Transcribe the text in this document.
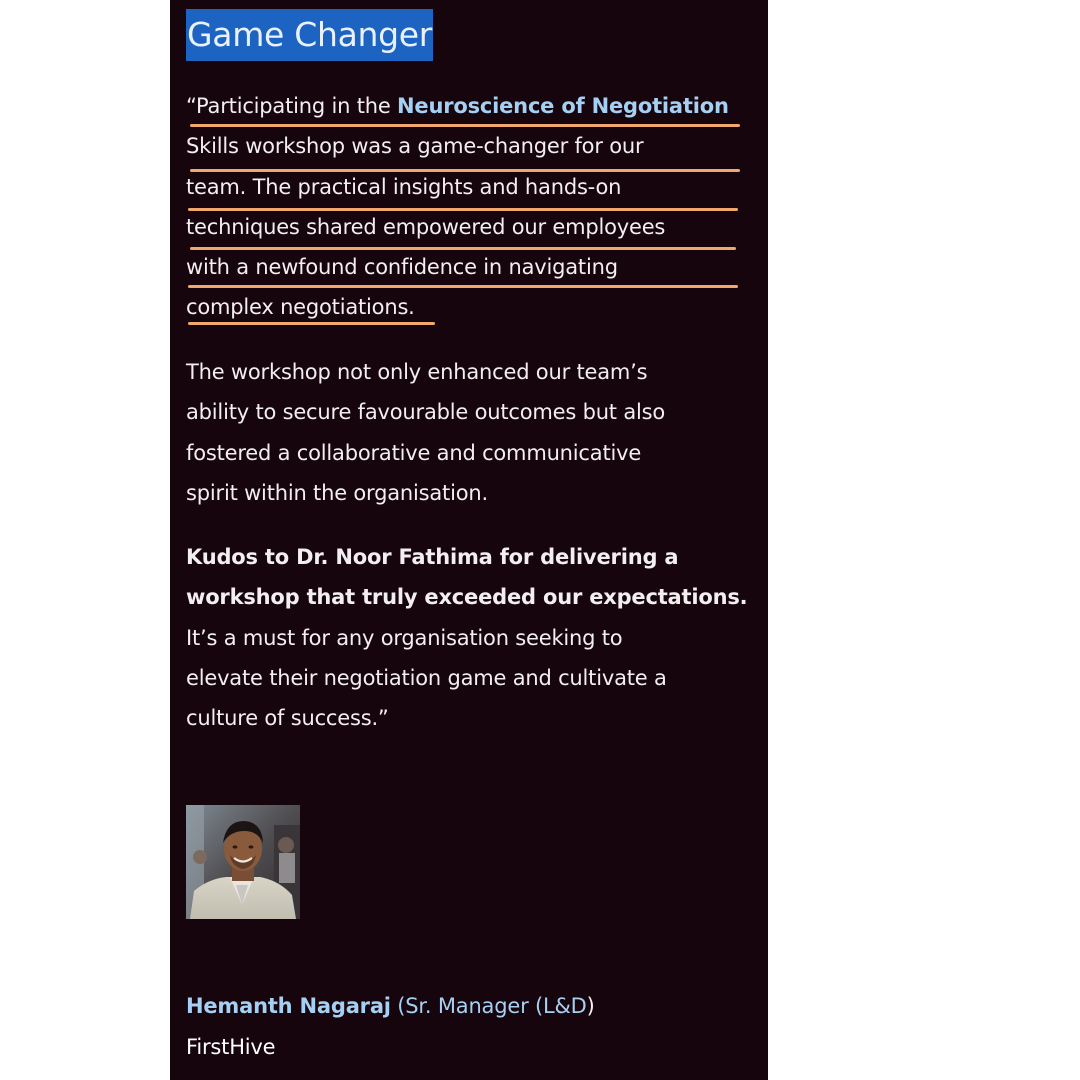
Game Changer
“Participating in the Neuroscience of Negotiation
Skills workshop was a game-changer for our
team. The practical insights and hands-on
techniques shared empowered our employees
with a newfound confidence in navigating
complex negotiations.
The workshop not only enhanced our team’s
ability to secure favourable outcomes but also
fostered a collaborative and communicative
spirit within the organisation.
Kudos to Dr. Noor Fathima for delivering a
workshop that truly exceeded our expectations.
It’s a must for any organisation seeking to
elevate their negotiation game and cultivate a
culture of success.”
Hemanth Nagaraj (Sr. Manager (L&D)
FirstHive
